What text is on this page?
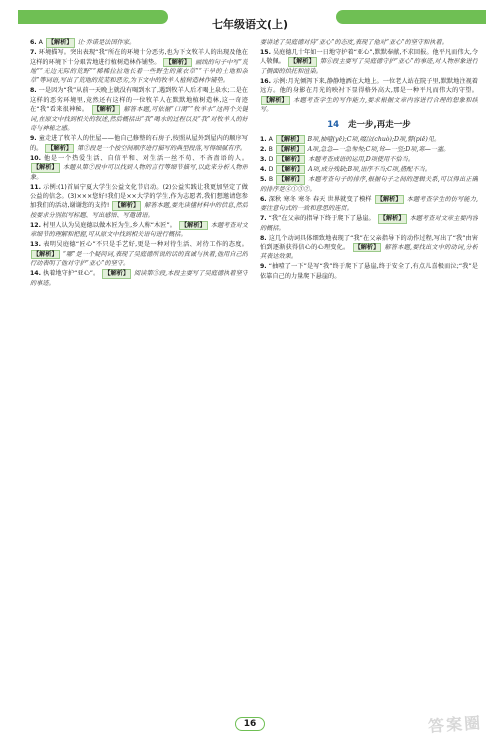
七年级语文(上)

6. A 【解析】 让·乔诺是法国作家。

7. 环境描写。突出表现“我”所在的环境十分恶劣,也为下文牧羊人的出现及他在这样的环境下十分艰苦地进行植树造林作铺垫。 【解析】 画线的句子中写“荒地”“无边无际的荒野”“稀稀拉拉地长着一些野生的薰衣草”“干旱的土地和杂草”等词语,写出了荒地的荒芜和恶劣,为下文中的牧羊人植树造林作铺垫。

8. 一是因为“我”从前一天晚上就没有喝到水了,遇到牧羊人后才喝上泉水;二是在这样的恶劣环境里,竟然还有这样的一位牧羊人在默默地植树造林,这一奇迹在“我”看来很神秘。 【解析】 解答本题,可依据“口渴”“牧羊水”这两个关键词,在原文中找到相关的叙述,然后概括出“我”喝水的过程以及“我”对牧羊人的好奇与神秘之感。

9. 童走进了牧羊人的住屋——他自己修整的石房子,按照从屋外到屋内的顺序写的。 【解析】 第②段是一个按空间顺序进行描写的典型段落,写得细腻有序。

10. 他是一个热爱生活、自信平和、对生活一丝不苟、不吝啬语的人。 【解析】 本题从第⑦段中可以找到人物的言行等细节描写,以此来分析人物形象。

11. 示例:(1)首届宁夏大学生公益文化节启动。(2)公益实践让我更加坚定了做公益的信念。(3)×××您好!我们是××大学的学生,作为志愿者,我们想邀请您参加我们的活动,谢谢您的支持! 【解析】 解答本题,要先读懂材料中的信息,然后按要求分别拟写标题、写出感悟、写邀请语。

12. 村里人认为吴庭德以做木匠为生,乡人称“木匠”。 【解析】 本题考查对文章细节的理解和把握,可从原文中找到相关语句进行概括。

13. 表明吴庭德“匠心”不只是手艺好,更是一种对待生活、对待工作的态度。 【解析】 “哪”是一个疑问词,表现了吴庭德所说的话的真诚与执着,他用自己的行动表明了他对守护“亚心”的坚守。

14. 执着地守护“亚心”。 【解析】 阅读第⑤段,本段主要写了吴庭德执着坚守的事迹。

要讲述了吴庭德对待“亚心”的态度,表现了他对“亚心”的坚守和执着。

15. 吴庭德几十年如一日地守护着“亚心”,默默奉献,不求回报。他平凡而伟大,令人敬佩。 【解析】 第⑥段主要写了吴庭德守护“亚心”的事迹,对人物形象进行了侧面的烘托和渲染。

16. 示例:月光倾泻下来,静静地洒在大地上。一位老人站在院子里,默默地注视着远方。他的身影在月光的映衬下显得格外高大,那是一种平凡而伟大的守望。 【解析】 本题考查学生的写作能力,要求根据文章内容进行合理的想象和续写。

14 走一步,再走一步

1. A 【解析】 B项,抽噎(yē);C项,啜泣(chuò);D项,瞥(piē)见。

2. B 【解析】 A项,急急—一急匆匆;C项,耸—一竖;D项,寒—一塞。

3. D 【解析】 本题考查成语的运用,D项使用不恰当。

4. D 【解析】 A项,成分残缺;B项,语序不当;C项,搭配不当。

5. B 【解析】 本题考查句子的排序,根据句子之间的逻辑关系,可以得出正确的排序是④①③②。

6. 深秋 寒冬 寒冬 春天 世界就变了模样 【解析】 本题考查学生的仿写能力,要注意句式的一致和意思的连贯。

7. “我”在父亲的指导下终于爬下了悬崖。 【解析】 本题考查对文章主要内容的概括。

8. 这几个动词具体细致地表现了“我”在父亲指导下的动作过程,写出了“我”由害怕到逐渐获得信心的心理变化。 【解析】 解答本题,要找出文中的动词,分析其表达效果。

9. “抽噎了一下”是写“我”终于爬下了悬崖,终于安全了,有点儿喜极而泣;“我”是依靠自己的力量爬下悬崖的。

16	答案圈
